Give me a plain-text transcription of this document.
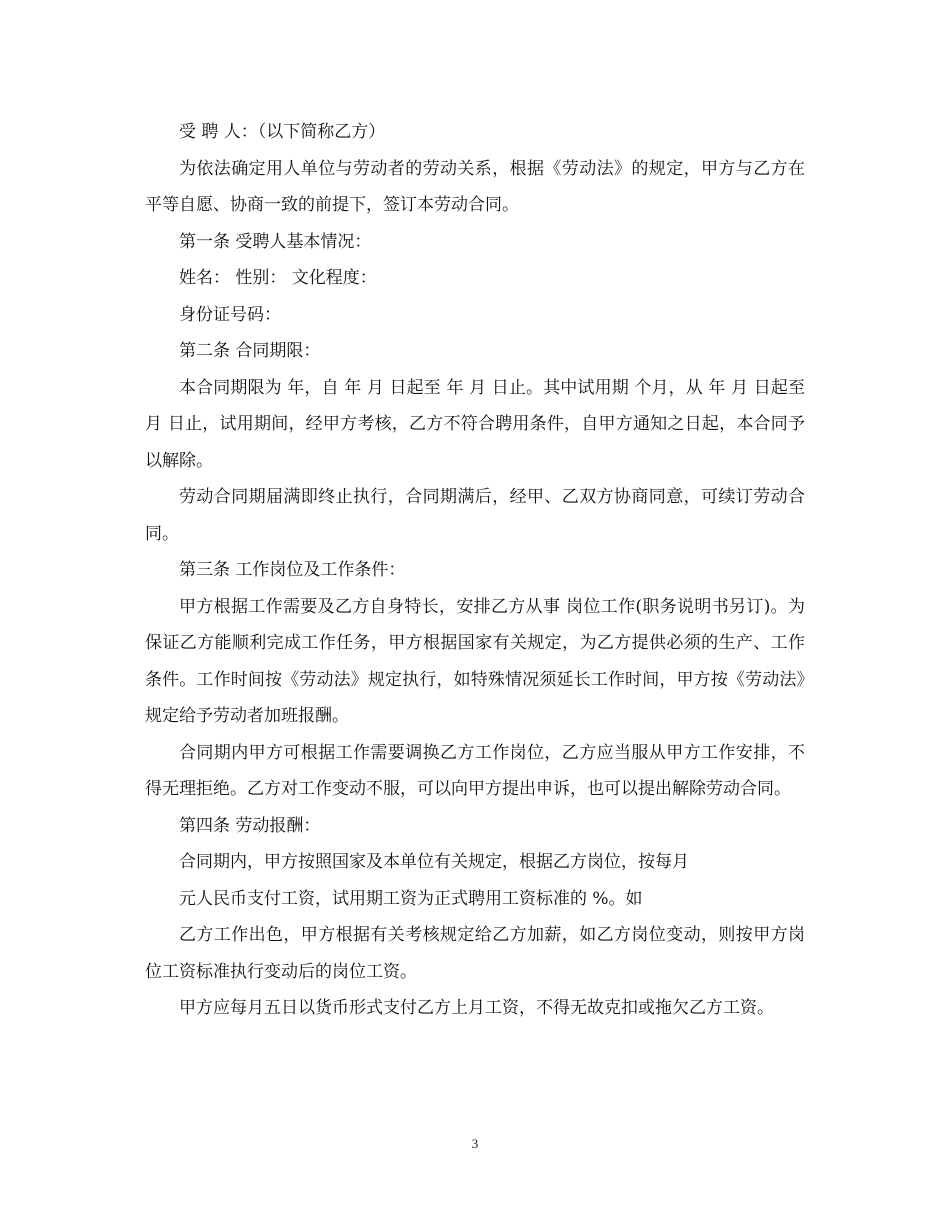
受 聘 人：（以下简称乙方）

为依法确定用人单位与劳动者的劳动关系，根据《劳动法》的规定，甲方与乙方在平等自愿、协商一致的前提下，签订本劳动合同。

第一条 受聘人基本情况：

姓名： 性别： 文化程度：

身份证号码：

第二条 合同期限：

本合同期限为 年，自 年 月 日起至 年 月 日止。其中试用期 个月，从 年 月 日起至 月 日止，试用期间，经甲方考核，乙方不符合聘用条件，自甲方通知之日起，本合同予以解除。

劳动合同期届满即终止执行，合同期满后，经甲、乙双方协商同意，可续订劳动合同。

第三条 工作岗位及工作条件：

甲方根据工作需要及乙方自身特长，安排乙方从事 岗位工作(职务说明书另订)。为保证乙方能顺利完成工作任务，甲方根据国家有关规定，为乙方提供必须的生产、工作条件。工作时间按《劳动法》规定执行，如特殊情况须延长工作时间，甲方按《劳动法》规定给予劳动者加班报酬。

合同期内甲方可根据工作需要调换乙方工作岗位，乙方应当服从甲方工作安排，不得无理拒绝。乙方对工作变动不服，可以向甲方提出申诉，也可以提出解除劳动合同。

第四条 劳动报酬：

合同期内，甲方按照国家及本单位有关规定，根据乙方岗位，按每月

元人民币支付工资，试用期工资为正式聘用工资标准的 %。如

乙方工作出色，甲方根据有关考核规定给乙方加薪，如乙方岗位变动，则按甲方岗位工资标准执行变动后的岗位工资。

甲方应每月五日以货币形式支付乙方上月工资，不得无故克扣或拖欠乙方工资。

3
